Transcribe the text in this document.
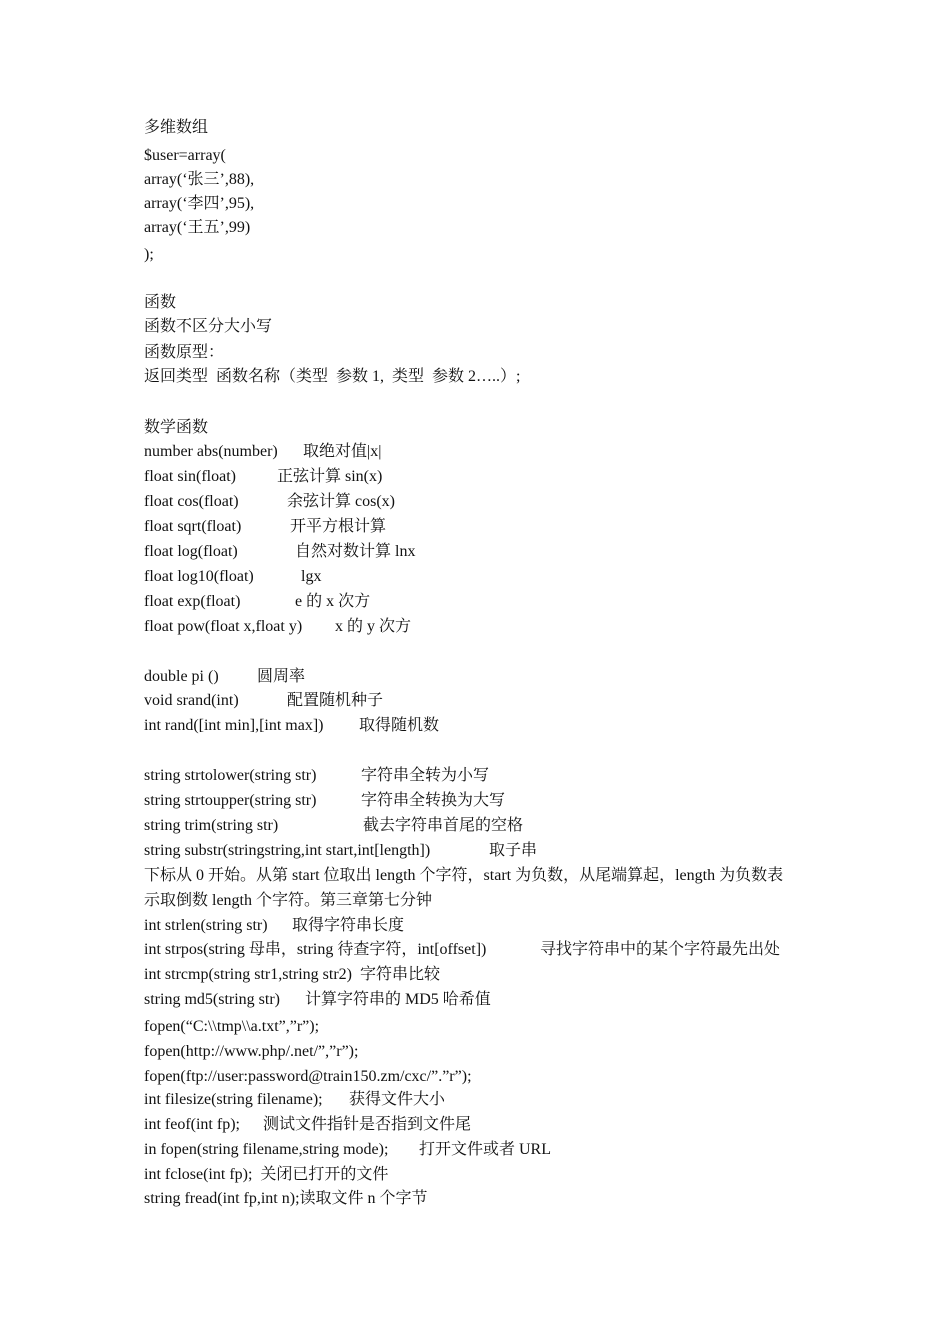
多维数组
$user=array(
array(‘张三’,88),
array(‘李四’,95),
array(‘王五’,99)
);
函数
函数不区分大小写
函数原型：
返回类型  函数名称（类型  参数 1,  类型  参数 2…..）;
数学函数
number abs(number) 取绝对值|x|
float sin(float)	正弦计算 sin(x)
float cos(float)	余弦计算 cos(x)
float sqrt(float)	开平方根计算
float log(float)	自然对数计算 lnx
float log10(float)	lgx
float exp(float)	e 的 x 次方
float pow(float x,float y) x 的 y 次方
double pi () 圆周率
void srand(int)	配置随机种子
int rand([int min],[int max]) 取得随机数
string strtolower(string str)	字符串全转为小写
string strtoupper(string str)	字符串全转换为大写
string trim(string str)	截去字符串首尾的空格
string substr(stringstring,int start,int[length])	取子串
下标从 0 开始。从第 start 位取出 length 个字符，start 为负数，从尾端算起，length 为负数表
示取倒数 length 个字符。第三章第七分钟
int strlen(string str) 取得字符串长度
int strpos(string 母串，string 待查字符，int[offset])	寻找字符串中的某个字符最先出处
int strcmp(string str1,string str2)  字符串比较
string md5(string str) 计算字符串的 MD5 哈希值
fopen(“C:\\tmp\\a.txt”,”r”);
fopen(http://www.php/.net/”,”r”);
fopen(ftp://user:password@train150.zm/cxc/”.”r”);
int filesize(string filename); 获得文件大小
int feof(int fp); 测试文件指针是否指到文件尾
in fopen(string filename,string mode); 打开文件或者 URL
int fclose(int fp);  关闭已打开的文件
string fread(int fp,int n);读取文件 n 个字节
